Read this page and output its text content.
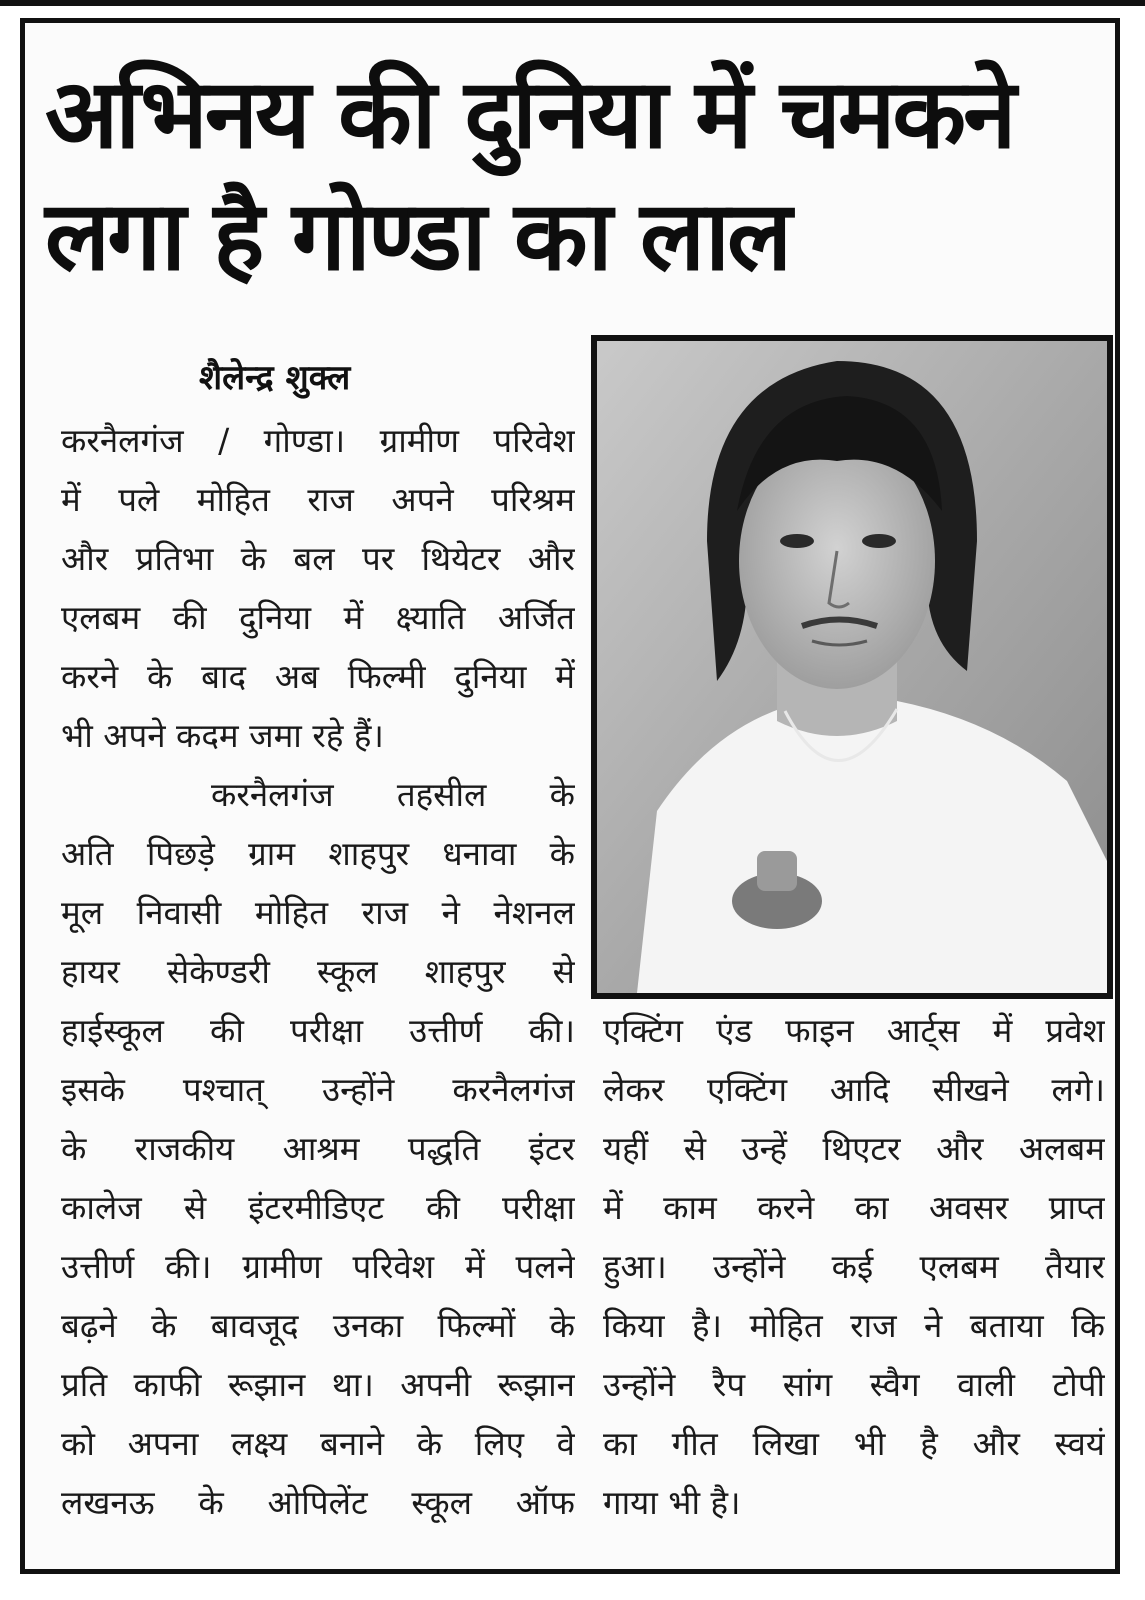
अभिनय की दुनिया में चमकने
लगा है गोण्डा का लाल
शैलेन्द्र शुक्ल
करनैलगंज / गोण्डा। ग्रामीण परिवेश
में पले मोहित राज अपने परिश्रम
और प्रतिभा के बल पर थियेटर और
एलबम की दुनिया में क्ष्याति अर्जित
करने के बाद अब फिल्मी दुनिया में
भी अपने कदम जमा रहे हैं।
करनैलगंज तहसील के
अति पिछड़े ग्राम शाहपुर धनावा के
मूल निवासी मोहित राज ने नेशनल
हायर सेकेण्डरी स्कूल शाहपुर से
हाईस्कूल की परीक्षा उत्तीर्ण की।
इसके पश्चात् उन्होंने करनैलगंज
के राजकीय आश्रम पद्धति इंटर
कालेज से इंटरमीडिएट की परीक्षा
उत्तीर्ण की। ग्रामीण परिवेश में पलने
बढ़ने के बावजूद उनका फिल्मों के
प्रति काफी रूझान था। अपनी रूझान
को अपना लक्ष्य बनाने के लिए वे
लखनऊ के ओपिलेंट स्कूल ऑफ
एक्टिंग एंड फाइन आर्ट्स में प्रवेश
लेकर एक्टिंग आदि सीखने लगे।
यहीं से उन्हें थिएटर और अलबम
में काम करने का अवसर प्राप्त
हुआ। उन्होंने कई एलबम तैयार
किया है। मोहित राज ने बताया कि
उन्होंने रैप सांग स्वैग वाली टोपी
का गीत लिखा भी है और स्वयं
गाया भी है।
